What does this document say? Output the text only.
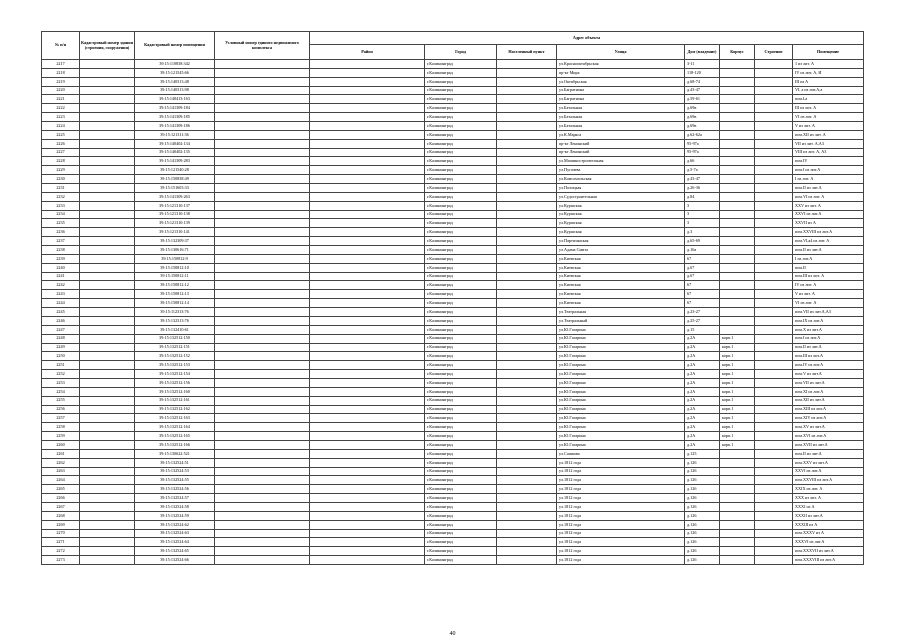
№ п/п	Кадастровый номер здания (строения, сооружения)	Кадастровый номер помещения	Условный номер единого недвижимого комплекса	Адрес объекта							
				Район	Город	Населенный пункт	Улица	Дом (владение)	Корпус	Строение	Помещение
2217		39:15:110838:342			г.Калининград		ул.Краснооктябрьская	3-11			1 из лит. А
2218		39:15:121545:66			г.Калининград		пр-кт Мира	118-120			IV из лит. А, И
2219		39:15:140313:48			г.Калининград		ул.Октябрьская	д.68-74			III из А
2220		39:15:140313:98			г.Калининград		ул.Багратиона	д.43-47			VI, а из лит.А,а
2221		39:15:140413:163			г.Калининград		ул.Багратиона	д.59-61			пом.I,а
2222		39:15:141309:184			г.Калининград		ул.Батальная	д.69в			III из лит. А
2223		39:15:141309:185			г.Калининград		ул.Батальная	д.69в			VI из лит. А
2224		39:15:141309:186			г.Калининград		ул.Батальная	д.69в			V из лит. А
2225		39:15:121311:36			г.Калининград		ул.К.Маркса	д.62-62а			пом.XII из лит. А
2226		39:15:140402:134			г.Калининград		пр-кт Ленинский	95-97а			VII из лит. А,А3
2227		39:15:140402:135			г.Калининград		пр-кт Ленинский	95-97а			VIII из лит. А, А3
2228		39:15:141309:283			г.Калининград		ул.Машиностроительная	д.66			пом.IV
2229		39:15:121540:28			г.Калининград		ул.Пугачева	д.5-7а			пом.I из лит.А
2230		39:15:150838:49			г.Калининград		ул.Комсомольская	д.43-47			I из лит. А
2231		39:15:151603:33			г.Калининград		ул.Полоцкая	д.26-36			пом.II из лит.А
2232		39:15:141309:263			г.Калининград		ул.Судостроительная	д.84			пом.VI из лит. А
2233		39:15:121310:137			г.Калининград		ул.Куршская	3			XXV из лит. А
2234		39:15:121310:138			г.Калининград		ул.Куршская	3			XXVI из лит.А
2235		39:15:121310:139			г.Калининград		ул.Куршская	3			XXVII из А
2236		39:15:121310:141			г.Калининград		ул.Куршская	д.3			пом.XXVIII из лит.А
2237		39:15:132309:37			г.Калининград		ул.Партизанская	д.65-69			пом.VI,а4 из лит. А
2238		39:15:130616:71			г.Калининград		ул.Адама Смита	д.16а			пом.II из лит.А
2239		39:15:150812:9			г.Калининград		ул.Киевская	67			I из лит.А
2240		39:15:150812:10			г.Калининград		ул.Киевская	д.67			пом.II
2241		39:15:150812:11			г.Калининград		ул.Киевская	д.67			пом.III из лит. А
2242		39:15:150812:12			г.Калининград		ул.Киевская	67			IV из лит. А
2243		39:15:150812:13			г.Калининград		ул.Киевская	67			V из лит. А
2244		39:15:150812:14			г.Калининград		ул.Киевская	67			VI из лит. А
2245		39:15:112313:76			г.Калининград		ул.Театральная	д.23-27			пом.VII из лит.А,А3
2246		39:15:132313:76			г.Калининград		ул.Театральный	д.25-27			пом.IX из лит.А
2247		39:15:132410:61			г.Калининград		ул.Ю.Гагарина	д.15			пом.X из лит.А
2248		39:15:132512:150			г.Калининград		ул.Ю.Гагарина	д.2А	корп.1		пом.I из лит.А
2249		39:15:132512:151			г.Калининград		ул.Ю.Гагарина	д.2А	корп.1		пом.II из лит.А
2250		39:15:132512:152			г.Калининград		ул.Ю.Гагарина	д.2А	корп.1		пом.III из лит.А
2251		39:15:132512:153			г.Калининград		ул.Ю.Гагарина	д.2А	корп.1		пом.IV из лит.А
2252		39:15:132512:154			г.Калининград		ул.Ю.Гагарина	д.2А	корп.1		пом.V из лит.А
2253		39:15:132512:156			г.Калининград		ул.Ю.Гагарина	д.2А	корп.1		пом.VII из лит.А
2254		39:15:132512:160			г.Калининград		ул.Ю.Гагарина	д.2А	корп.1		пом.XI из лит.А
2255		39:15:132512:161			г.Калининград		ул.Ю.Гагарина	д.2А	корп.1		пом.XII из лит.А
2256		39:15:132512:162			г.Калининград		ул.Ю.Гагарина	д.2А	корп.1		пом.XIII из лит.А
2257		39:15:132512:163			г.Калининград		ул.Ю.Гагарина	д.2А	корп.1		пом.XIV из лит.А
2258		39:15:132512:164			г.Калининград		ул.Ю.Гагарина	д.2А	корп.1		пом.XV из лит.А
2259		39:15:132512:165			г.Калининград		ул.Ю.Гагарина	д.2А	корп.1		пом.XVI из лит.А
2260		39:15:132512:166			г.Калининград		ул.Ю.Гагарина	д.2А	корп.1		пом.XVII из лит.А
2261		39:15:130622:521			г.Калининград		ул.Сашкова	д.125			пом.II из лит.А
2262		39:15:132524:51			г.Калининград		ул.1812 года	д.126			пом.XXV из лит.А
2263		39:15:132524:53			г.Калининград		ул.1812 года	д.126			XXVI из лит.А
2264		39:15:132524:55			г.Калининград		ул.1812 года	д.126			пом.XXVIII из лит.А
2265		39:15:132524:56			г.Калининград		ул.1812 года	д.126			XXIX из лит. А
2266		39:15:132524:57			г.Калининград		ул.1812 года	д.126			XXX из лит. А
2267		39:15:132524:58			г.Калининград		ул.1812 года	д.126			XXXI из А
2268		39:15:132524:59			г.Калининград		ул.1812 года	д.126			XXXII из лит.А
2269		39:15:132524:62			г.Калининград		ул.1812 года	д.126			XXXIII из А
2270		39:15:132524:63			г.Калининград		ул.1812 года	д.126			пом.XXXV из А
2271		39:15:132524:64			г.Калининград		ул.1812 года	д.126			XXXVI из лит.А
2272		39:15:132524:65			г.Калининград		ул.1812 года	д.126			пом.XXXVII из лит.А
2273		39:15:132524:66			г.Калининград		ул.1812 года	д.126			пом.XXXVIII из лит.А
40
